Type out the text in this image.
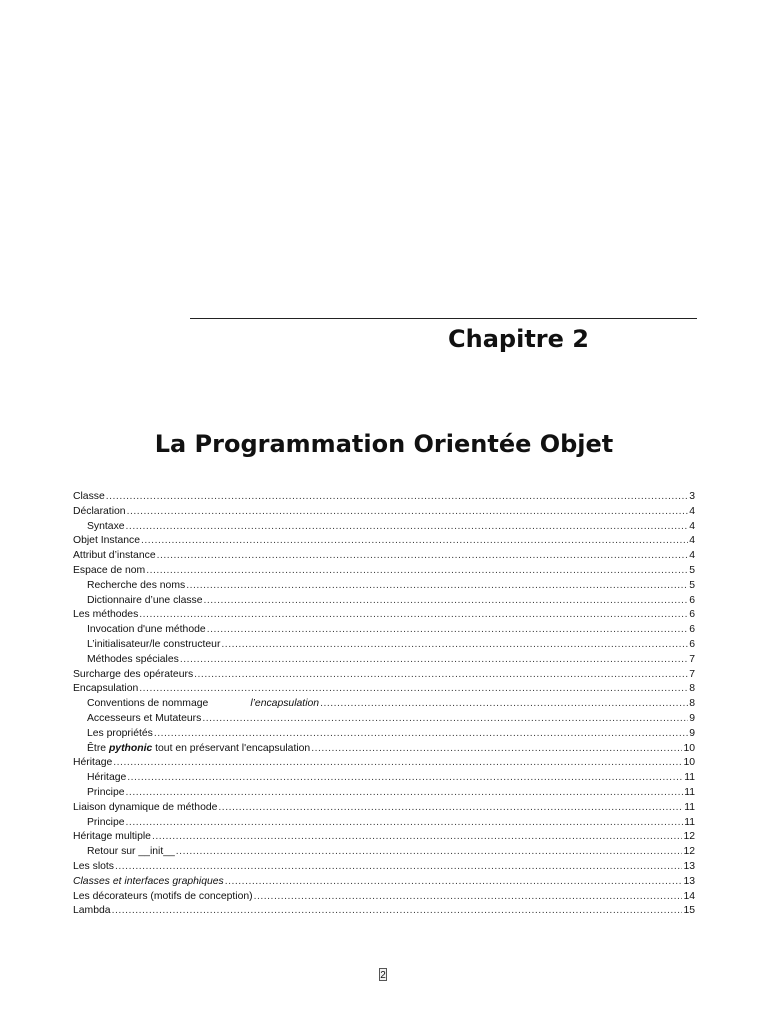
Chapitre 2
La Programmation Orientée Objet
Classe .....	3
Déclaration .....	4
Syntaxe .....	4
Objet Instance .....	4
Attribut d’instance .....	4
Espace de nom .....	5
Recherche des noms .....	5
Dictionnaire d’une classe .....	6
Les méthodes .....	6
Invocation d'une méthode .....	6
L’initialisateur/le constructeur .....	6
Méthodes spéciales .....	7
Surcharge des opérateurs .....	7
Encapsulation .....	8
Conventions de nommage	l’encapsulation .....	8
Accesseurs et Mutateurs .....	9
Les propriétés .....	9
Être pythonic tout en préservant l'encapsulation .....	10
Héritage .....	10
Héritage .....	11
Principe .....	11
Liaison dynamique de méthode .....	11
Principe .....	11
Héritage multiple .....	12
Retour sur __init__ .....	12
Les slots .....	13
Classes et interfaces graphiques .....	13
Les décorateurs (motifs de conception) .....	14
Lambda .....	15
2
